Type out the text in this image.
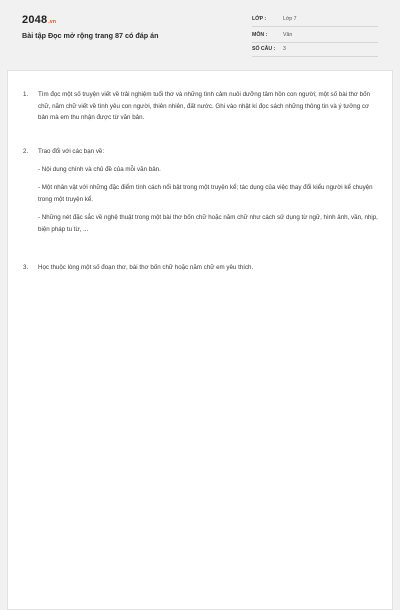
2048.vn
Bài tập Đọc mở rộng trang 87 có đáp án
LỚP :	Lớp 7
MÔN :	Văn
SỐ CÂU : 3
1. Tìm đọc một số truyện viết về trải nghiệm tuổi thơ và những tình cảm nuôi dưỡng tâm hồn con người; một số bài thơ bốn chữ, năm chữ viết về tình yêu con người, thiên nhiên, đất nước. Ghi vào nhật kí đọc sách những thông tin và ý tưởng cơ bản mà em thu nhận được từ văn bản.
2. Trao đổi với các bạn về:

- Nội dung chính và chủ đề của mỗi văn bản.

- Một nhân vật với những đặc điểm tính cách nổi bật trong một truyện kể; tác dụng của việc thay đổi kiểu người kể chuyện trong một truyện kể.

- Những nét đặc sắc về nghệ thuật trong một bài thơ bốn chữ hoặc năm chữ như cách sử dụng từ ngữ, hình ảnh, vần, nhịp, biện pháp tu từ, ...

3. Học thuộc lòng một số đoạn thơ, bài thơ bốn chữ hoặc năm chữ em yêu thích.
